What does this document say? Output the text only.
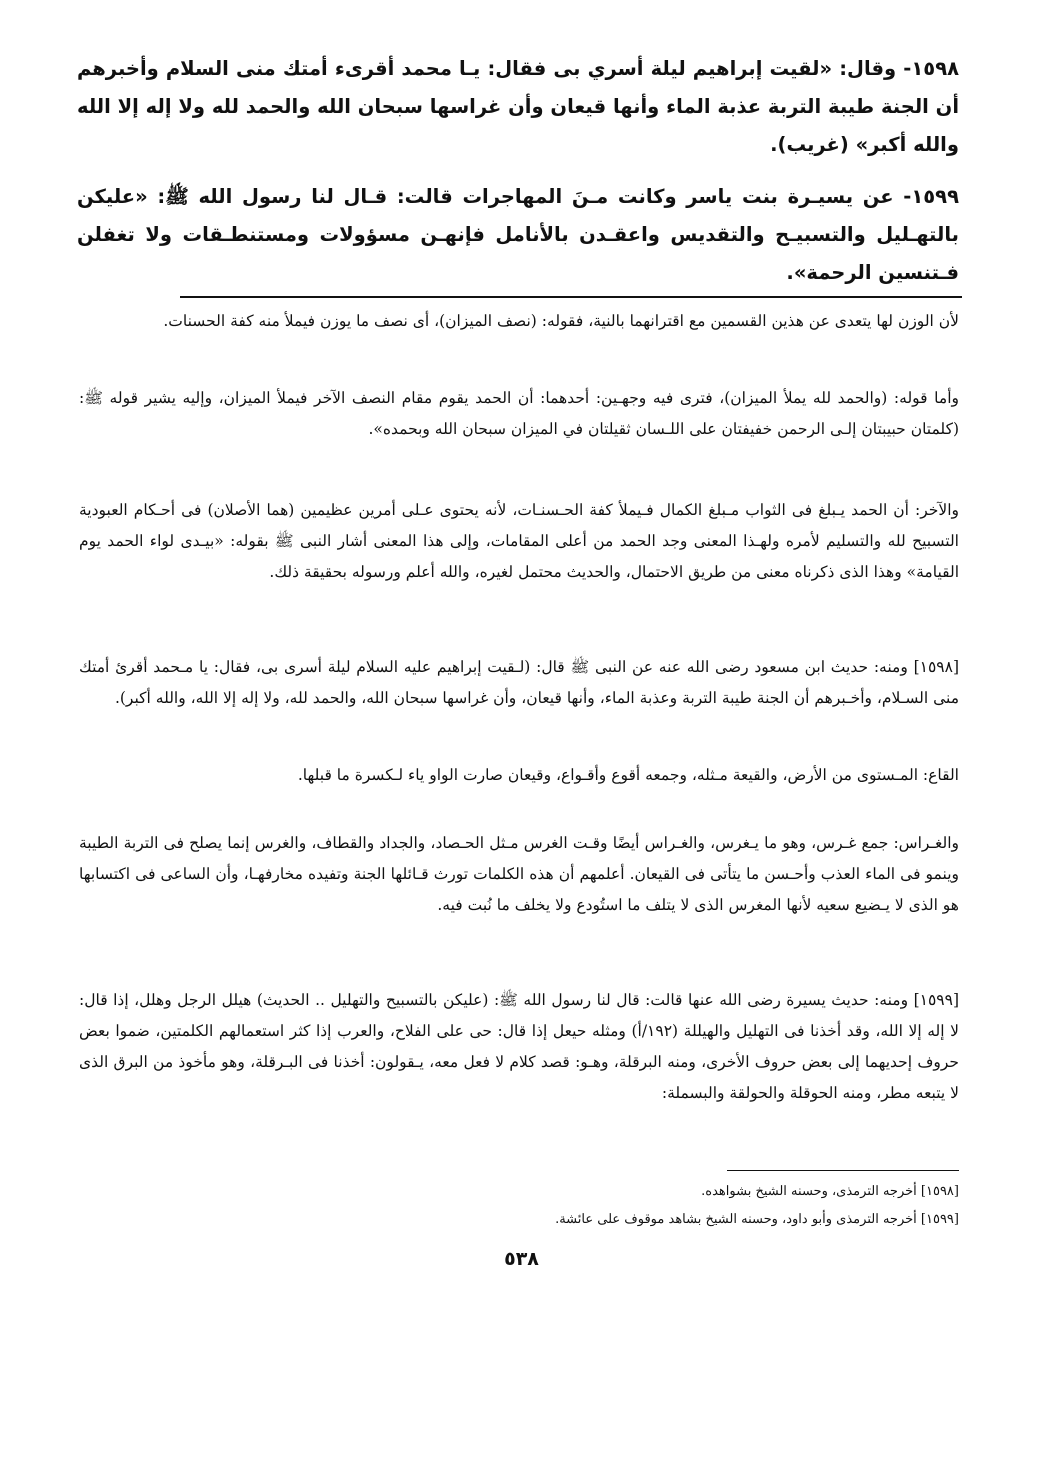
١٥٩٨- وقال: «لقيت إبراهيم ليلة أسري بى فقال: يـا محمد أقرىء أمتك منى السلام وأخبرهم أن الجنة طيبة التربة عذبة الماء وأنها قيعان وأن غراسها سبحان الله والحمد لله ولا إله إلا الله والله أكبر» (غريب).
١٥٩٩- عن يسيـرة بنت ياسر وكانت مـنَ المهاجرات قالت: قـال لنا رسول الله ﷺ: «عليكن بالتهـليل والتسبيـح والتقديس واعقـدن بالأنامل فإنهـن مسؤولات ومستنطـقات ولا تغفلن فـتنسين الرحمة».

لأن الوزن لها يتعدى عن هذين القسمين مع اقترانهما بالنية، فقوله: (نصف الميزان)، أى نصف ما يوزن فيملأ منه كفة الحسنات.

وأما قوله: (والحمد لله يملأ الميزان)، فترى فيه وجهـين: أحدهما: أن الحمد يقوم مقام النصف الآخر فيملأ الميزان، وإليه يشير قوله ﷺ: (كلمتان حبيبتان إلـى الرحمن خفيفتان على اللـسان ثقيلتان في الميزان سبحان الله وبحمده».

والآخر: أن الحمد يـبلغ فى الثواب مـبلغ الكمال فـيملأ كفة الحـسنـات، لأنه يحتوى عـلى أمرين عظيمين (هما الأصلان) فى أحـكام العبودية التسبيح لله والتسليم لأمره ولهـذا المعنى وجد الحمد من أعلى المقامات، وإلى هذا المعنى أشار النبى ﷺ بقوله: «بيـدى لواء الحمد يوم القيامة» وهذا الذى ذكرناه معنى من طريق الاحتمال، والحديث محتمل لغيره، والله أعلم ورسوله بحقيقة ذلك.

[١٥٩٨] ومنه: حديث ابن مسعود رضى الله عنه عن النبى ﷺ قال: (لـقيت إبراهيم عليه السلام ليلة أسرى بى، فقال: يا مـحمد أقرئ أمتك منى السـلام، وأخـبرهم أن الجنة طيبة التربة وعذبة الماء، وأنها قيعان، وأن غراسها سبحان الله، والحمد لله، ولا إله إلا الله، والله أكبر).

القاع: المـستوى من الأرض، والقيعة مـثله، وجمعه أقوع وأقـواع، وقيعان صارت الواو ياء لـكسرة ما قبلها.

والغـراس: جمع غـرس، وهو ما يـغرس، والغـراس أيضًا وقـت الغرس مـثل الحـصاد، والجداد والقطاف، والغرس إنما يصلح فى التربة الطيبة وينمو فى الماء العذب وأحـسن ما يتأتى فى القيعان. أعلمهم أن هذه الكلمات تورث قـائلها الجنة وتفيده مخارفهـا، وأن الساعى فى اكتسابها هو الذى لا يـضيع سعيه لأنها المغرس الذى لا يتلف ما استُودع ولا يخلف ما نُبت فيه.

[١٥٩٩] ومنه: حديث يسيرة رضى الله عنها قالت: قال لنا رسول الله ﷺ: (عليكن بالتسبيح والتهليل .. الحديث) هيلل الرجل وهلل، إذا قال: لا إله إلا الله، وقد أخذنا فى التهليل والهيللة (١٩٢/أ) ومثله حيعل إذا قال: حى على الفلاح، والعرب إذا كثر استعمالهم الكلمتين، ضموا بعض حروف إحديهما إلى بعض حروف الأخرى، ومنه البرقلة، وهـو: قصد كلام لا فعل معه، يـقولون: أخذنا فى البـرقلة، وهو مأخوذ من البرق الذى لا يتبعه مطر، ومنه الحوقلة والحولقة والبسملة:

[١٥٩٨] أخرجه الترمذى، وحسنه الشيخ بشواهده.

[١٥٩٩] أخرجه الترمذى وأبو داود، وحسنه الشيخ بشاهد موقوف على عائشة.

٥٣٨
